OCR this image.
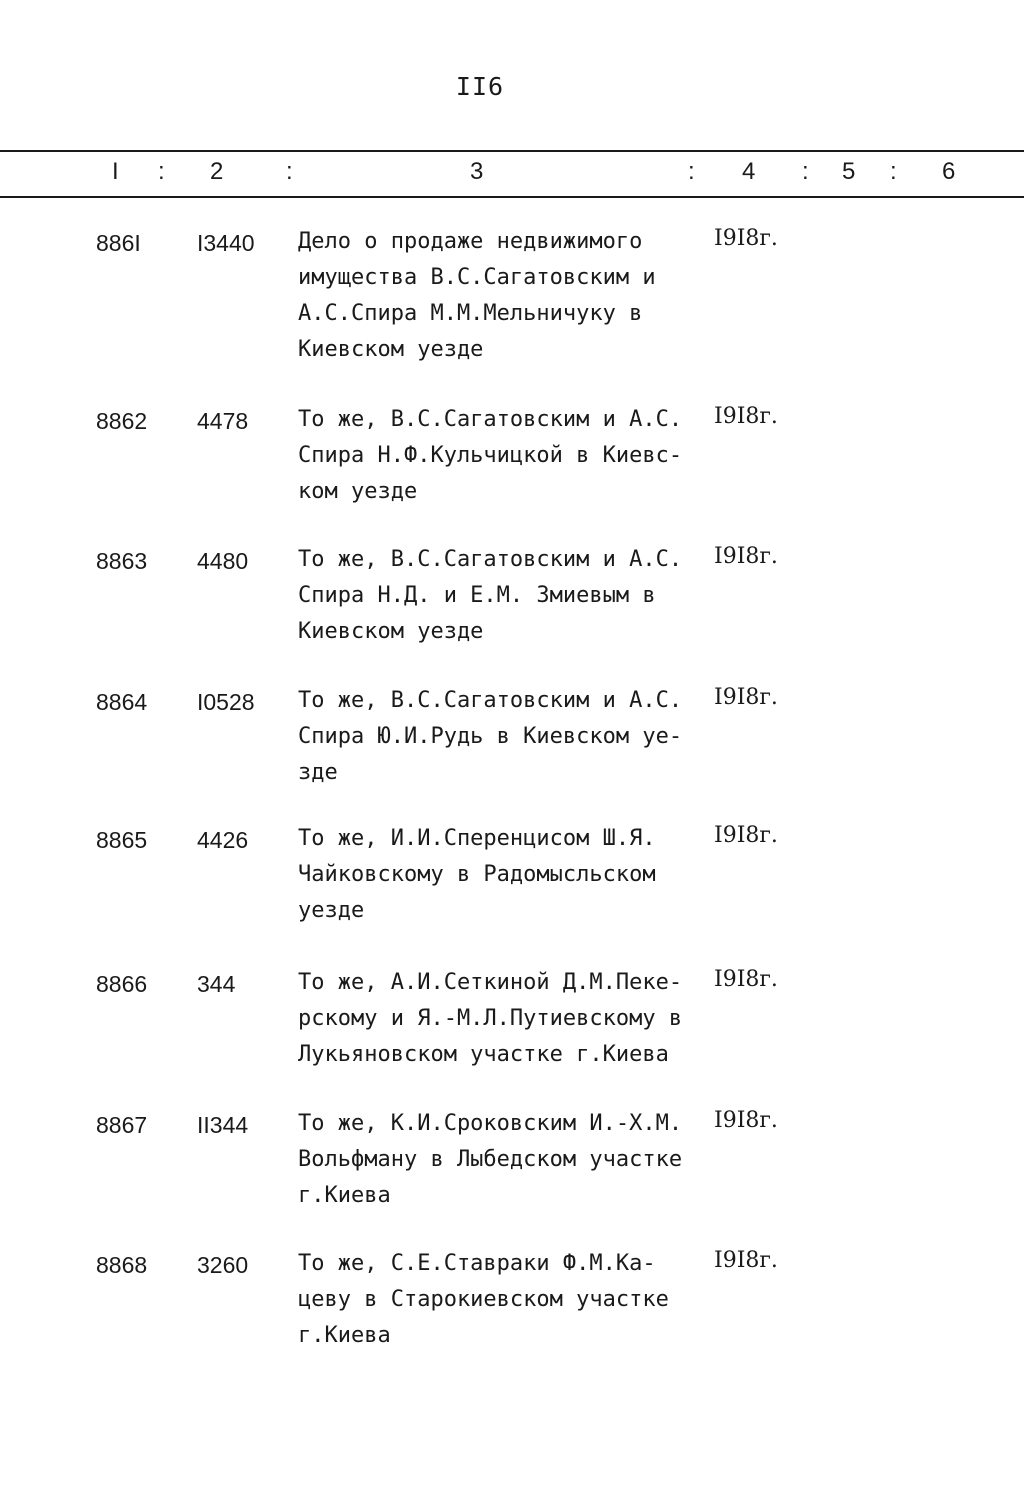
II6
I : 2	:	3	: 4 : 5 : 6
886I I3440 Дело о продаже недвижимого
имущества В.С.Сагатовским и
А.С.Спира М.М.Мельничуку в
Киевском уезде
I9I8г.
8862 4478 То же, В.С.Сагатовским и А.С.
Спира Н.Ф.Кульчицкой в Киевс-
ком уезде
I9I8г.
8863 4480 То же, В.С.Сагатовским и А.С.
Спира Н.Д. и Е.М. Змиевым в
Киевском уезде
I9I8г.
8864 I0528 То же, В.С.Сагатовским и А.С.
Спира Ю.И.Рудь в Киевском уе-
зде
I9I8г.
8865 4426 То же, И.И.Сперенцисом Ш.Я.
Чайковскому в Радомысльском
уезде
I9I8г.
8866 344	То же, А.И.Сеткиной Д.М.Пеке-
рскому и Я.-М.Л.Путиевскому в
Лукьяновском участке г.Киева
I9I8г.
8867 II344 То же, К.И.Сроковским И.-Х.М.
Вольфману в Лыбедском участке
г.Киева
I9I8г.
8868 3260 То же, С.Е.Ставраки Ф.М.Ка-
цеву в Старокиевском участке
г.Киева
I9I8г.
